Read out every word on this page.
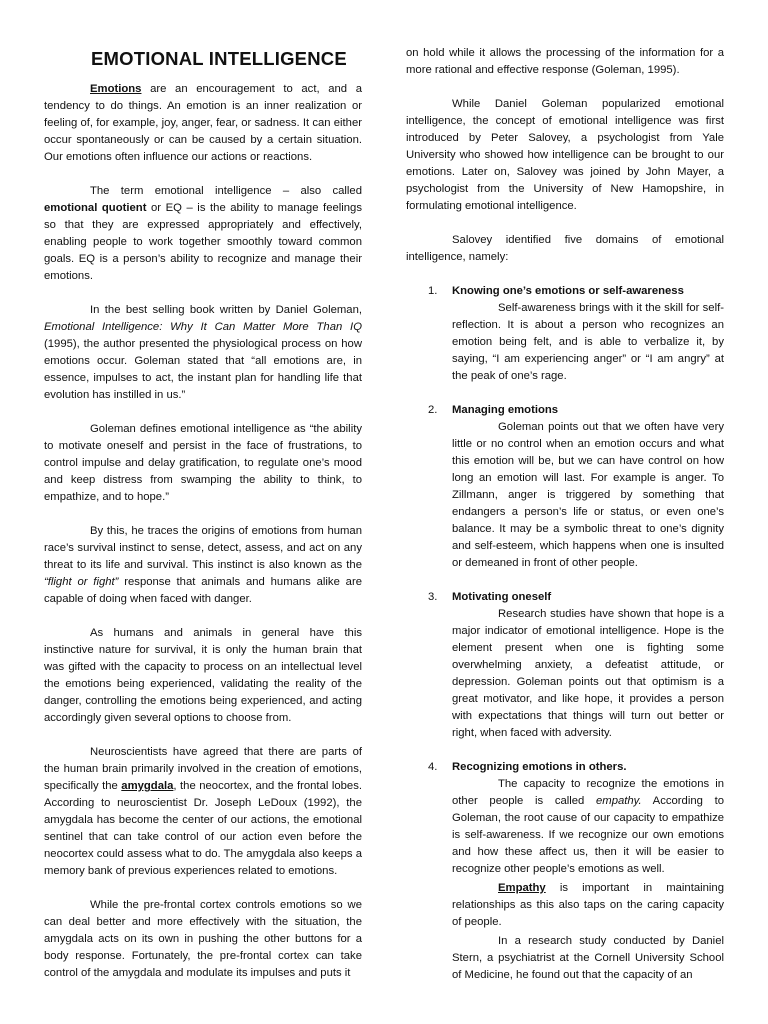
EMOTIONAL INTELLIGENCE

Emotions are an encouragement to act, and a tendency to do things. An emotion is an inner realization or feeling of, for example, joy, anger, fear, or sadness. It can either occur spontaneously or can be caused by a certain situation. Our emotions often influence our actions or reactions.

The term emotional intelligence – also called emotional quotient or EQ – is the ability to manage feelings so that they are expressed appropriately and effectively, enabling people to work together smoothly toward common goals. EQ is a person’s ability to recognize and manage their emotions.

In the best selling book written by Daniel Goleman, Emotional Intelligence: Why It Can Matter More Than IQ (1995), the author presented the physiological process on how emotions occur. Goleman stated that “all emotions are, in essence, impulses to act, the instant plan for handling life that evolution has instilled in us.”

Goleman defines emotional intelligence as “the ability to motivate oneself and persist in the face of frustrations, to control impulse and delay gratification, to regulate one’s mood and keep distress from swamping the ability to think, to empathize, and to hope.”

By this, he traces the origins of emotions from human race’s survival instinct to sense, detect, assess, and act on any threat to its life and survival. This instinct is also known as the “flight or fight” response that animals and humans alike are capable of doing when faced with danger.

As humans and animals in general have this instinctive nature for survival, it is only the human brain that was gifted with the capacity to process on an intellectual level the emotions being experienced, validating the reality of the danger, controlling the emotions being experienced, and acting accordingly given several options to choose from.

Neuroscientists have agreed that there are parts of the human brain primarily involved in the creation of emotions, specifically the amygdala, the neocortex, and the frontal lobes. According to neuroscientist Dr. Joseph LeDoux (1992), the amygdala has become the center of our actions, the emotional sentinel that can take control of our action even before the neocortex could assess what to do. The amygdala also keeps a memory bank of previous experiences related to emotions.

While the pre-frontal cortex controls emotions so we can deal better and more effectively with the situation, the amygdala acts on its own in pushing the other buttons for a body response. Fortunately, the pre-frontal cortex can take control of the amygdala and modulate its impulses and puts it

on hold while it allows the processing of the information for a more rational and effective response (Goleman, 1995).

While Daniel Goleman popularized emotional intelligence, the concept of emotional intelligence was first introduced by Peter Salovey, a psychologist from Yale University who showed how intelligence can be brought to our emotions. Later on, Salovey was joined by John Mayer, a psychologist from the University of New Hamopshire, in formulating emotional intelligence.

Salovey identified five domains of emotional intelligence, namely:

1. Knowing one’s emotions or self-awareness

Self-awareness brings with it the skill for self-reflection. It is about a person who recognizes an emotion being felt, and is able to verbalize it, by saying, “I am experiencing anger” or “I am angry” at the peak of one’s rage.

2. Managing emotions

Goleman points out that we often have very little or no control when an emotion occurs and what this emotion will be, but we can have control on how long an emotion will last. For example is anger. To Zillmann, anger is triggered by something that endangers a person’s life or status, or even one’s balance. It may be a symbolic threat to one’s dignity and self-esteem, which happens when one is insulted or demeaned in front of other people.

3. Motivating oneself

Research studies have shown that hope is a major indicator of emotional intelligence. Hope is the element present when one is fighting some overwhelming anxiety, a defeatist attitude, or depression. Goleman points out that optimism is a great motivator, and like hope, it provides a person with expectations that things will turn out better or right, when faced with adversity.

4. Recognizing emotions in others.

The capacity to recognize the emotions in other people is called empathy. According to Goleman, the root cause of our capacity to empathize is self-awareness. If we recognize our own emotions and how these affect us, then it will be easier to recognize other people’s emotions as well.

Empathy is important in maintaining relationships as this also taps on the caring capacity of people.

In a research study conducted by Daniel Stern, a psychiatrist at the Cornell University School of Medicine, he found out that the capacity of an
